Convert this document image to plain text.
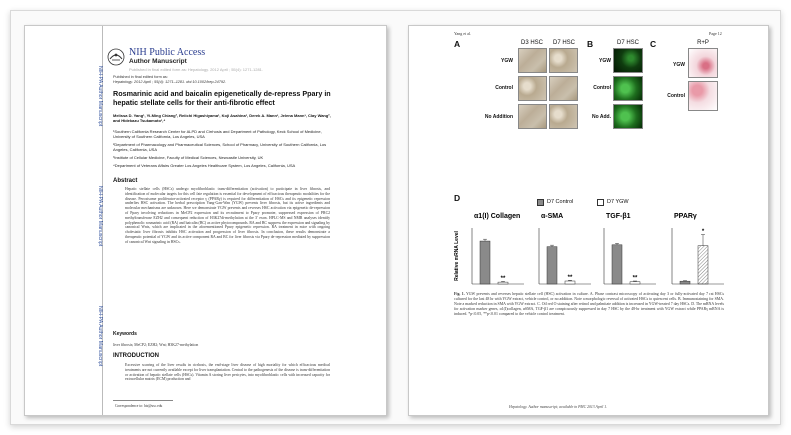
NIH-PA Author Manuscript
NIH-PA Author Manuscript
NIH-PA Author Manuscript
NIH Public Access
Author Manuscript
Published in final edited form as: Hepatology. 2012 April ; 55(4): 1271-1281.
Published in final edited form as:
Hepatology. 2012 April ; 55(4): 1271–1281. doi:10.1002/hep.24792.
Rosmarinic acid and baicalin epigenetically de-repress Ppary in hepatic stellate cells for their anti-fibrotic effect
Melissa D. Yang¹, Yi-Ming Chiang², Reiichi Higashiyama¹, Koji Asahina¹, Derek A. Mann³, Jelena Mann³, Clay Wang², and Hidekazu Tsukamoto¹,⁴
¹Southern California Research Center for ALPD and Cirrhosis and Department of Pathology, Keck School of Medicine, University of Southern California, Los Angeles, USA
²Department of Pharmacology and Pharmaceutical Sciences, School of Pharmacy, University of Southern California, Los Angeles, California, USA
³Institute of Cellular Medicine, Faculty of Medical Sciences, Newcastle University, UK
⁴Department of Veterans Affairs Greater Los Angeles Healthcare System, Los Angeles, California, USA
Abstract
Hepatic stellate cells (HSCs) undergo myofibroblastic trans-differentiation (activation) to participate in liver fibrosis, and identification of molecular targets for this cell fate regulation is essential for development of efficacious therapeutic modalities for the disease. Peroxisome proliferator-activated receptor γ (PPARγ) is required for differentiation of HSCs and its epigenetic repression underlies HSC activation. The herbal prescription Yang-Gan-Wan (YGW) prevents liver fibrosis, but its active ingredients and molecular mechanisms are unknown. Here we demonstrate YGW prevents and reverses HSC activation via epigenetic de-repression of Ppary involving reductions in MeCP2 expression and its recruitment to Ppary promoter, suppressed expression of PRC2 methyltransferase EZH2 and consequent reduction of H3K27di-methylation at the 3' exon. HPLC-MS and NMR analyses identify polyphenolic rosmarinic acid (RA) and baicalin (BC) as active phytocompounds. RA and BC suppress the expression and signaling by canonical Wnts, which are implicated in the aforementioned Ppary epigenetic repression. RA treatment in mice with ongoing cholestatic liver fibrosis inhibits HSC activation and progression of liver fibrosis. In conclusion, these results demonstrate a therapeutic potential of YGW and its active component RA and BC for liver fibrosis via Ppary de-repression mediated by suppression of canonical Wnt signaling in HSCs.
Keywords
liver fibrosis; MeCP2; EZH2; Wnt; H3K27-methylation
INTRODUCTION
Excessive scarring of the liver results in cirrhosis, the end-stage liver disease of high mortality for which efficacious medical treatments are not currently available except for liver transplantation. Central to the pathogenesis of the disease is trans-differentiation or activation of hepatic stellate cells (HSCs). Vitamin A storing liver pericytes, into myofibroblastic cells with increased capacity for extracellular matrix (ECM) production and
Correspondence to: hts@usc.edu
Yang et al.	Page 12
A	D3 HSC	D7 HSC
YGW
Control
No Addition
B	D7 HSC
YGW
Control
No Add.
C	R+P
YGW
Control
D	D7 Control	D7 YGW
Relative mRNA Level
α1(I) Collagen
**
α-SMA
**
TGF-β1
**
PPARγ
*
Fig. 1. YGW prevents and reverses hepatic stellate cell (HSC) activation in culture. A. Phase contrast microscopy of activating day 3 or fully-activated day 7 rat HSCs cultured for the last 48 hr with YGW extract, vehicle control, or no addition. Note a morphologic reversal of activated HSCs to quiescent cells. B. Immunostaining for SMA. Note a marked reduction in SMA with YGW extract. C. Oil red O staining after retinol and palmitate addition is increased in YGW-treated 7 day HSCs. D. The mRNA levels for activation marker genes, α1(I)collagen, αSMA, TGF-β1 are conspicuously suppressed in day 7 HSC by the 48-hr treatment with YGW extract while PPARγ mRNA is induced. *p<0.05, **p<0.01 compared to the vehicle control treatment.
Hepatology. Author manuscript; available in PMC 2013 April 1.
